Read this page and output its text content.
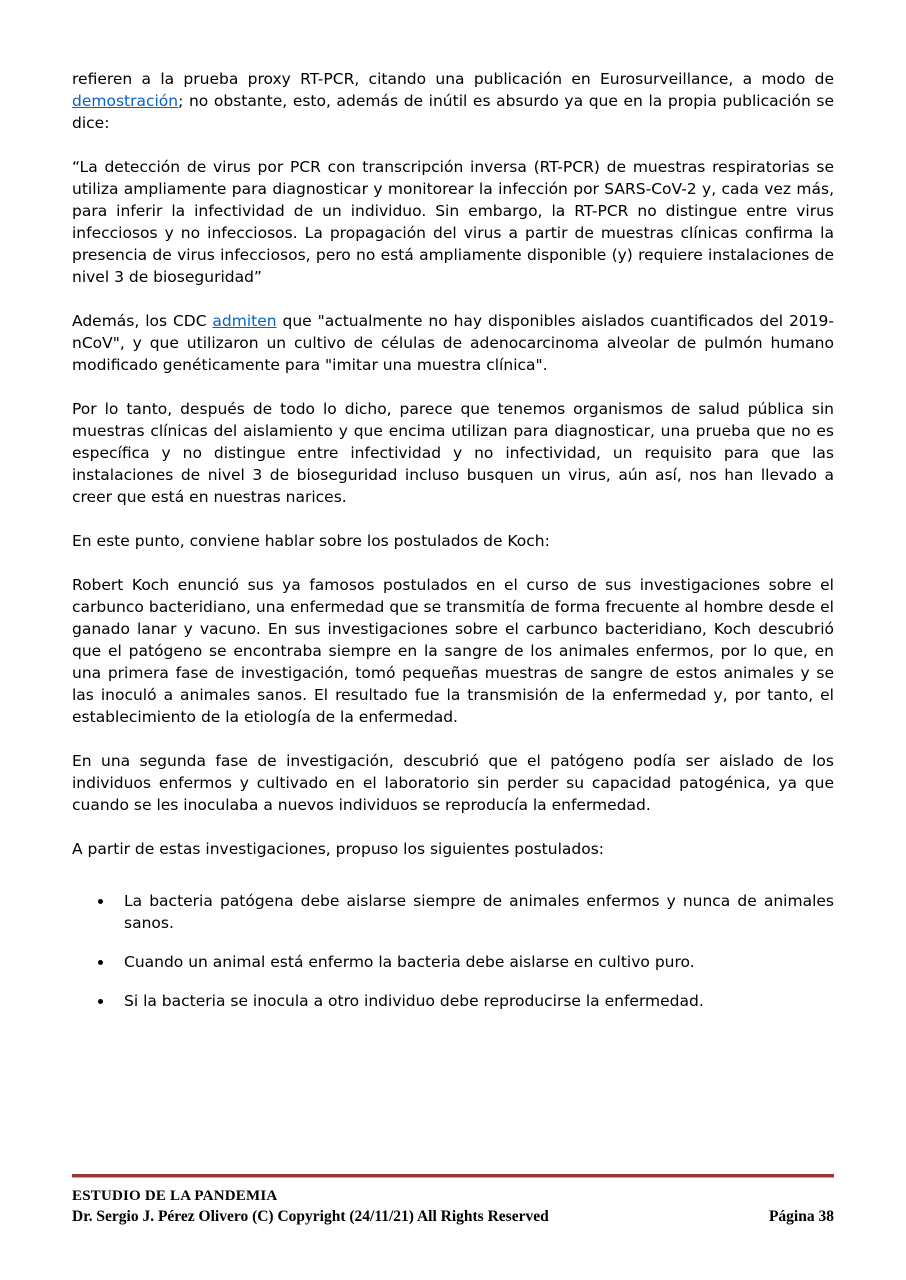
refieren a la prueba proxy RT-PCR, citando una publicación en Eurosurveillance, a modo de demostración; no obstante, esto, además de inútil es absurdo ya que en la propia publicación se dice:

“La detección de virus por PCR con transcripción inversa (RT-PCR) de muestras respiratorias se utiliza ampliamente para diagnosticar y monitorear la infección por SARS-CoV-2 y, cada vez más, para inferir la infectividad de un individuo. Sin embargo, la RT-PCR no distingue entre virus infecciosos y no infecciosos. La propagación del virus a partir de muestras clínicas confirma la presencia de virus infecciosos, pero no está ampliamente disponible (y) requiere instalaciones de nivel 3 de bioseguridad”

Además, los CDC admiten que "actualmente no hay disponibles aislados cuantificados del 2019-nCoV", y que utilizaron un cultivo de células de adenocarcinoma alveolar de pulmón humano modificado genéticamente para "imitar una muestra clínica".

Por lo tanto, después de todo lo dicho, parece que tenemos organismos de salud pública sin muestras clínicas del aislamiento y que encima utilizan para diagnosticar, una prueba que no es específica y no distingue entre infectividad y no infectividad, un requisito para que las instalaciones de nivel 3 de bioseguridad incluso busquen un virus, aún así, nos han llevado a creer que está en nuestras narices.

En este punto, conviene hablar sobre los postulados de Koch:

Robert Koch enunció sus ya famosos postulados en el curso de sus investigaciones sobre el carbunco bacteridiano, una enfermedad que se transmitía de forma frecuente al hombre desde el ganado lanar y vacuno. En sus investigaciones sobre el carbunco bacteridiano, Koch descubrió que el patógeno se encontraba siempre en la sangre de los animales enfermos, por lo que, en una primera fase de investigación, tomó pequeñas muestras de sangre de estos animales y se las inoculó a animales sanos. El resultado fue la transmisión de la enfermedad y, por tanto, el establecimiento de la etiología de la enfermedad.

En una segunda fase de investigación, descubrió que el patógeno podía ser aislado de los individuos enfermos y cultivado en el laboratorio sin perder su capacidad patogénica, ya que cuando se les inoculaba a nuevos individuos se reproducía la enfermedad.

A partir de estas investigaciones, propuso los siguientes postulados:

• La bacteria patógena debe aislarse siempre de animales enfermos y nunca de animales sanos.
• Cuando un animal está enfermo la bacteria debe aislarse en cultivo puro.
• Si la bacteria se inocula a otro individuo debe reproducirse la enfermedad.
ESTUDIO DE LA PANDEMIA
Dr. Sergio J. Pérez Olivero (C) Copyright (24/11/21) All Rights Reserved	Página 38
